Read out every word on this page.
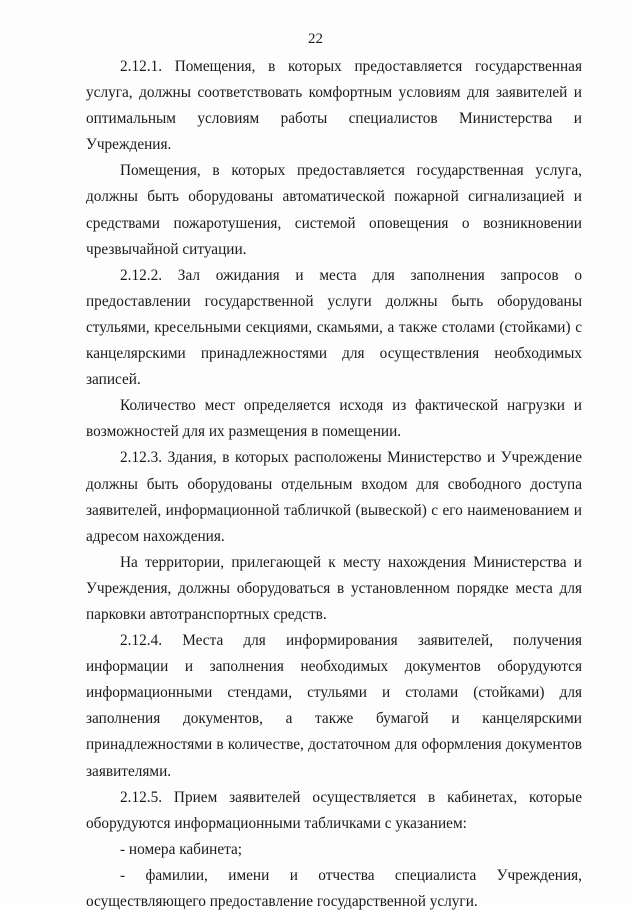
22

2.12.1. Помещения, в которых предоставляется государственная услуга, должны соответствовать комфортным условиям для заявителей и оптимальным условиям работы специалистов Министерства и Учреждения.

Помещения, в которых предоставляется государственная услуга, должны быть оборудованы автоматической пожарной сигнализацией и средствами пожаротушения, системой оповещения о возникновении чрезвычайной ситуации.

2.12.2. Зал ожидания и места для заполнения запросов о предоставлении государственной услуги должны быть оборудованы стульями, кресельными секциями, скамьями, а также столами (стойками) с канцелярскими принадлежностями для осуществления необходимых записей.

Количество мест определяется исходя из фактической нагрузки и возможностей для их размещения в помещении.

2.12.3. Здания, в которых расположены Министерство и Учреждение должны быть оборудованы отдельным входом для свободного доступа заявителей, информационной табличкой (вывеской) с его наименованием и адресом нахождения.

На территории, прилегающей к месту нахождения Министерства и Учреждения, должны оборудоваться в установленном порядке места для парковки автотранспортных средств.

2.12.4. Места для информирования заявителей, получения информации и заполнения необходимых документов оборудуются информационными стендами, стульями и столами (стойками) для заполнения документов, а также бумагой и канцелярскими принадлежностями в количестве, достаточном для оформления документов заявителями.

2.12.5. Прием заявителей осуществляется в кабинетах, которые оборудуются информационными табличками с указанием:

- номера кабинета;

- фамилии, имени и отчества специалиста Учреждения, осуществляющего предоставление государственной услуги.
